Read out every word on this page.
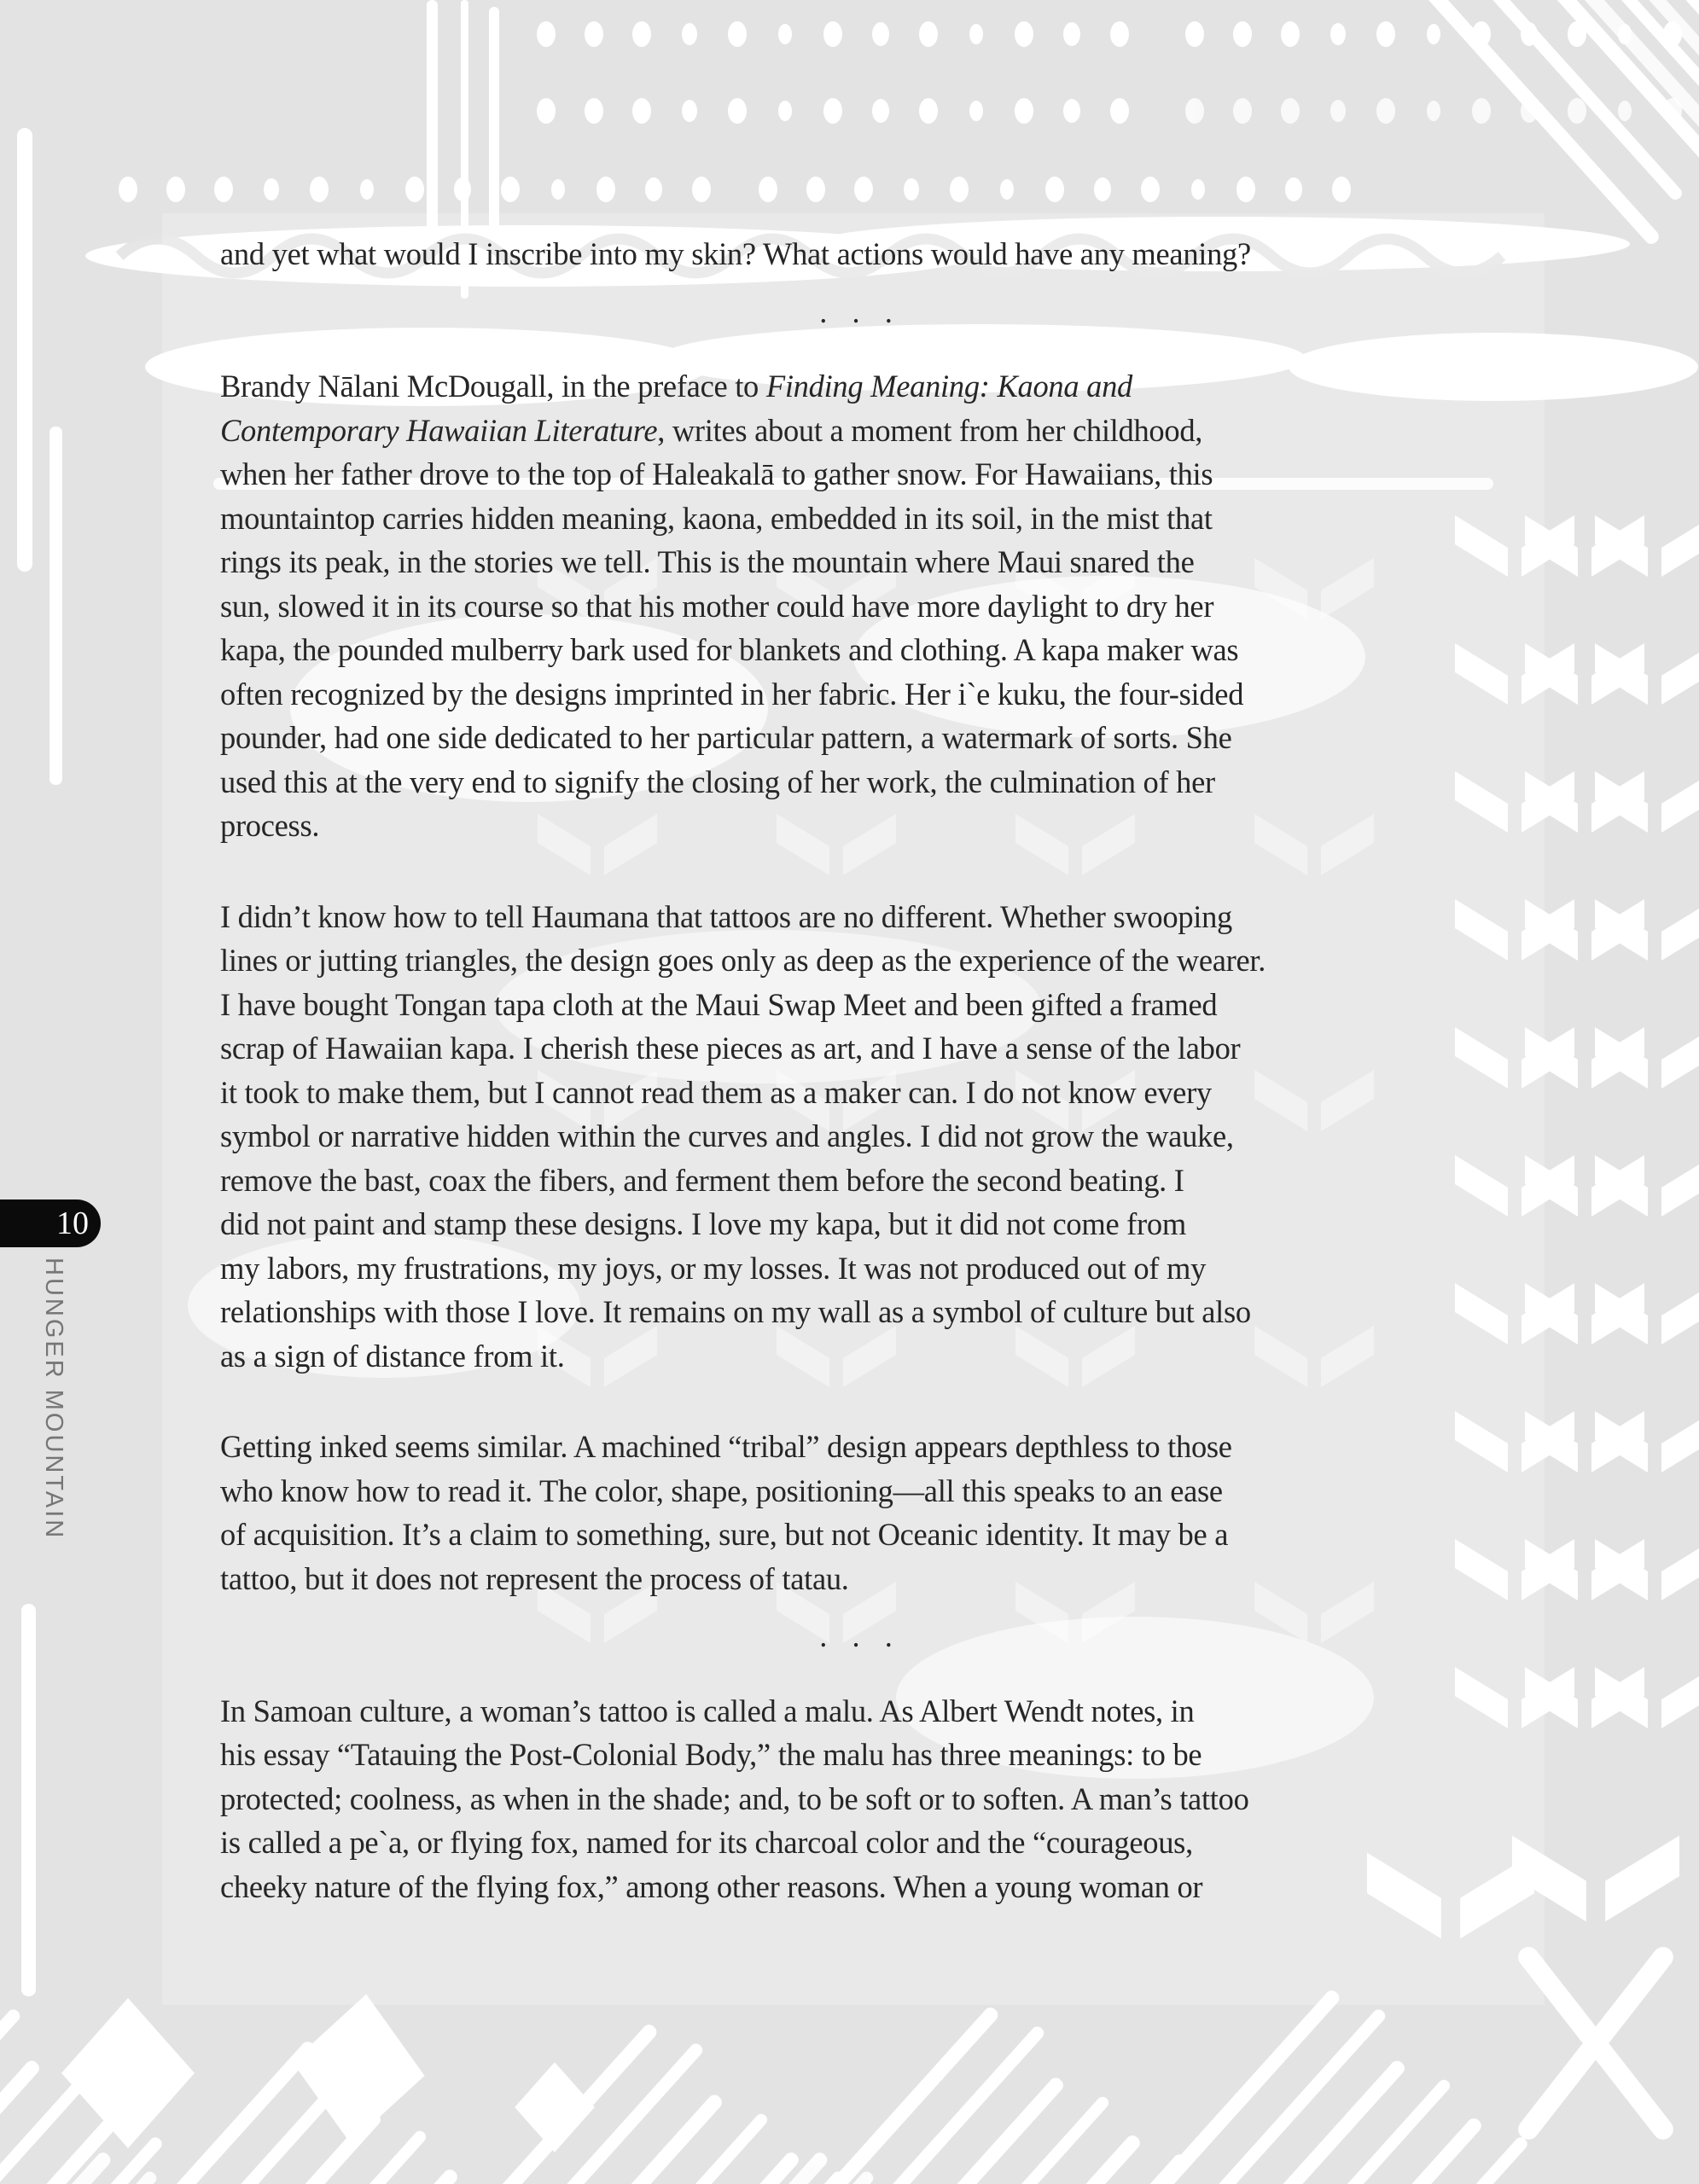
and yet what would I inscribe into my skin? What actions would have any meaning?
. . .
Brandy Nālani McDougall, in the preface to Finding Meaning: Kaona and
Contemporary Hawaiian Literature, writes about a moment from her childhood,
when her father drove to the top of Haleakalā to gather snow. For Hawaiians, this
mountaintop carries hidden meaning, kaona, embedded in its soil, in the mist that
rings its peak, in the stories we tell. This is the mountain where Maui snared the
sun, slowed it in its course so that his mother could have more daylight to dry her
kapa, the pounded mulberry bark used for blankets and clothing. A kapa maker was
often recognized by the designs imprinted in her fabric. Her i`e kuku, the four-sided
pounder, had one side dedicated to her particular pattern, a watermark of sorts. She
used this at the very end to signify the closing of her work, the culmination of her
process.
I didn’t know how to tell Haumana that tattoos are no different. Whether swooping
lines or jutting triangles, the design goes only as deep as the experience of the wearer.
I have bought Tongan tapa cloth at the Maui Swap Meet and been gifted a framed
scrap of Hawaiian kapa. I cherish these pieces as art, and I have a sense of the labor
it took to make them, but I cannot read them as a maker can. I do not know every
symbol or narrative hidden within the curves and angles. I did not grow the wauke,
remove the bast, coax the fibers, and ferment them before the second beating. I
did not paint and stamp these designs. I love my kapa, but it did not come from
my labors, my frustrations, my joys, or my losses. It was not produced out of my
relationships with those I love. It remains on my wall as a symbol of culture but also
as a sign of distance from it.
Getting inked seems similar. A machined “tribal” design appears depthless to those
who know how to read it. The color, shape, positioning—all this speaks to an ease
of acquisition. It’s a claim to something, sure, but not Oceanic identity. It may be a
tattoo, but it does not represent the process of tatau.
. . .
In Samoan culture, a woman’s tattoo is called a malu. As Albert Wendt notes, in
his essay “Tatauing the Post-Colonial Body,” the malu has three meanings: to be
protected; coolness, as when in the shade; and, to be soft or to soften. A man’s tattoo
is called a pe`a, or flying fox, named for its charcoal color and the “courageous,
cheeky nature of the flying fox,” among other reasons. When a young woman or
10
HUNGER MOUNTAIN
